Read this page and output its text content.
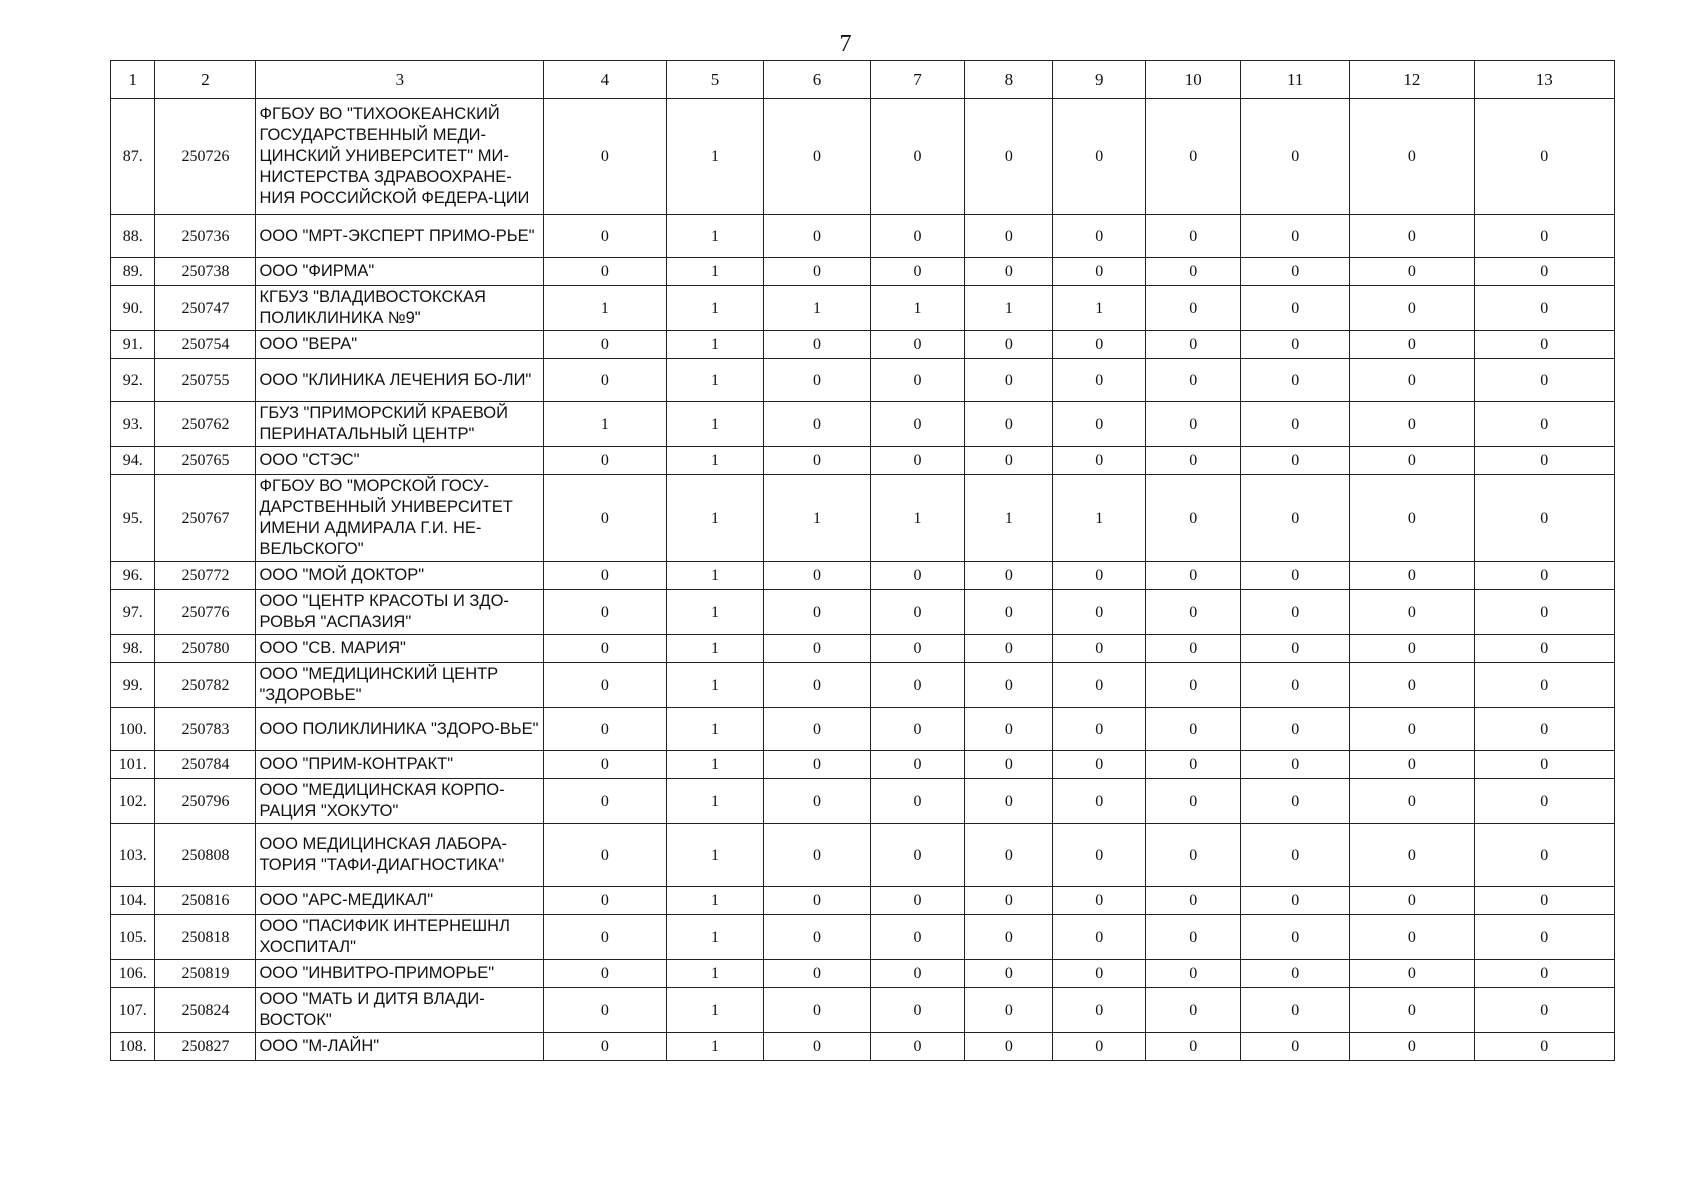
7
1	2	3	4	5	6	7	8	9	10	11	12	13
87.	250726	ФГБОУ ВО "ТИХООКЕАНСКИЙ ГОСУДАРСТВЕННЫЙ МЕДИ-ЦИНСКИЙ УНИВЕРСИТЕТ" МИ-НИСТЕРСТВА ЗДРАВООХРАНЕ-НИЯ РОССИЙСКОЙ ФЕДЕРА-ЦИИ	0	1	0	0	0	0	0	0	0	0
88.	250736	ООО "МРТ-ЭКСПЕРТ ПРИМО-РЬЕ"	0	1	0	0	0	0	0	0	0	0
89.	250738	ООО "ФИРМА"	0	1	0	0	0	0	0	0	0	0
90.	250747	КГБУЗ "ВЛАДИВОСТОКСКАЯ ПОЛИКЛИНИКА №9"	1	1	1	1	1	1	0	0	0	0
91.	250754	ООО "ВЕРА"	0	1	0	0	0	0	0	0	0	0
92.	250755	ООО "КЛИНИКА ЛЕЧЕНИЯ БО-ЛИ"	0	1	0	0	0	0	0	0	0	0
93.	250762	ГБУЗ "ПРИМОРСКИЙ КРАЕВОЙ ПЕРИНАТАЛЬНЫЙ ЦЕНТР"	1	1	0	0	0	0	0	0	0	0
94.	250765	ООО "СТЭС"	0	1	0	0	0	0	0	0	0	0
95.	250767	ФГБОУ ВО "МОРСКОЙ ГОСУ-ДАРСТВЕННЫЙ УНИВЕРСИТЕТ ИМЕНИ АДМИРАЛА Г.И. НЕ-ВЕЛЬСКОГО"	0	1	1	1	1	1	0	0	0	0
96.	250772	ООО "МОЙ ДОКТОР"	0	1	0	0	0	0	0	0	0	0
97.	250776	ООО "ЦЕНТР КРАСОТЫ И ЗДО-РОВЬЯ "АСПАЗИЯ"	0	1	0	0	0	0	0	0	0	0
98.	250780	ООО "СВ. МАРИЯ"	0	1	0	0	0	0	0	0	0	0
99.	250782	ООО "МЕДИЦИНСКИЙ ЦЕНТР "ЗДОРОВЬЕ"	0	1	0	0	0	0	0	0	0	0
100.	250783	ООО ПОЛИКЛИНИКА "ЗДОРО-ВЬЕ"	0	1	0	0	0	0	0	0	0	0
101.	250784	ООО "ПРИМ-КОНТРАКТ"	0	1	0	0	0	0	0	0	0	0
102.	250796	ООО "МЕДИЦИНСКАЯ КОРПО-РАЦИЯ "ХОКУТО"	0	1	0	0	0	0	0	0	0	0
103.	250808	ООО МЕДИЦИНСКАЯ ЛАБОРА-ТОРИЯ "ТАФИ-ДИАГНОСТИКА"	0	1	0	0	0	0	0	0	0	0
104.	250816	ООО "АРС-МЕДИКАЛ"	0	1	0	0	0	0	0	0	0	0
105.	250818	ООО "ПАСИФИК ИНТЕРНЕШНЛ ХОСПИТАЛ"	0	1	0	0	0	0	0	0	0	0
106.	250819	ООО "ИНВИТРО-ПРИМОРЬЕ"	0	1	0	0	0	0	0	0	0	0
107.	250824	ООО "МАТЬ И ДИТЯ ВЛАДИ-ВОСТОК"	0	1	0	0	0	0	0	0	0	0
108.	250827	ООО "М-ЛАЙН"	0	1	0	0	0	0	0	0	0	0
